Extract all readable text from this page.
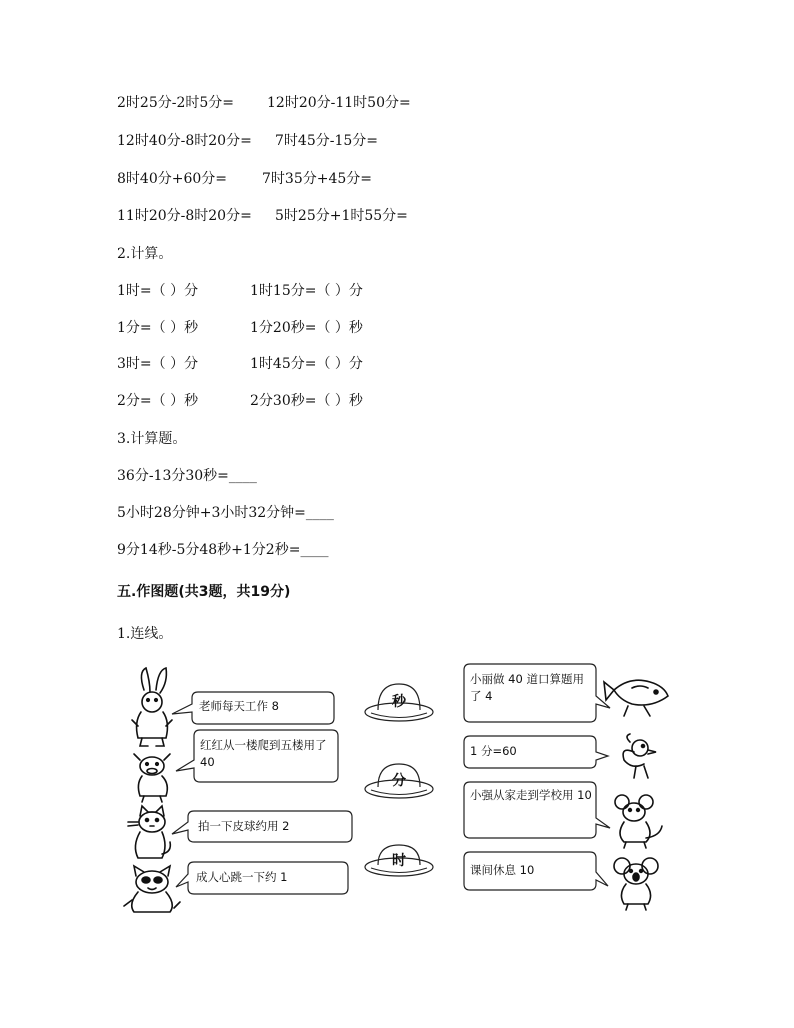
2时25分-2时5分= 12时20分-11时50分=
12时40分-8时20分= 7时45分-15分=
8时40分+60分=	7时35分+45分=
11时20分-8时20分= 5时25分+1时55分=
2.计算。
1时=（ ）分	1时15分=（ ）分
1分=（ ）秒	1分20秒=（ ）秒
3时=（ ）分	1时45分=（ ）分
2分=（ ）秒	2分30秒=（ ）秒
3.计算题。
36分-13分30秒=____
5小时28分钟+3小时32分钟=____
9分14秒-5分48秒+1分2秒=____
五.作图题(共3题，共19分)
1.连线。
老师每天工作 8
红红从一楼爬到五楼用了 40
拍一下皮球约用 2
成人心跳一下约 1
小丽做 40 道口算题用了 4
1 分=60
小强从家走到学校用 10
课间休息 10
秒
分
时
